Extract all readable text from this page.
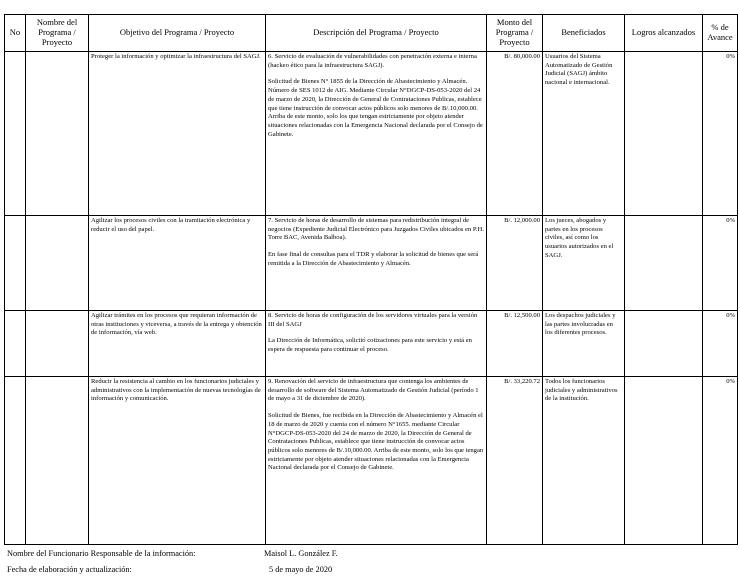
No	Nombre del Programa / Proyecto	Objetivo del Programa / Proyecto	Descripción del Programa / Proyecto	Monto del Programa / Proyecto	Beneficiados	Logros alcanzados	% de Avance
		Proteger la información y optimizar la infraestructura del SAGJ.	6. Servicio de evaluación de vulnerabilidades con penetración externa e interna (hackeo ético para la infraestructura SAGJ).
Solicitud de Bienes N° 1855 de la Dirección de Abastecimiento y Almacén. Número de SES 1012 de AIG. Mediante Circular N°DGCP-DS-053-2020 del 24 de marzo de 2020, la Dirección de General de Contrataciones Publicas, establece que tiene instrucción de convocar actos públicos solo menores de B/.10,000.00. Arriba de este monto, solo los que tengan estrictamente por objeto atender situaciones relacionadas con la Emergencia Nacional declarada por el Consejo de Gabinete.	B/. 80,000.00	Usuarios del Sistema Automatizado de Gestión Judicial (SAGJ) ámbito nacional e internacional.		0%
		Agilizar los procesos civiles con la tramitación electrónica y reducir el uso del papel.	7. Servicio de horas de desarrollo de sistemas para redistribución integral de negocios (Expediente Judicial Electrónico para Juzgados Civiles ubicados en P.H. Torre BAC, Avenida Balboa).
En fase final de consultas para el TDR y elaborar la solicitud de bienes que será remitida a la Dirección de Abastecimiento y Almacén.	B/. 12,000.00	Los jueces, abogados y partes en los procesos civiles, así como los usuarios autorizados en el SAGJ.		0%
		Agilizar trámites en los procesos que requieran información de otras instituciones y viceversa, a través de la entrega y obtención de información, vía web.	8. Servicio de horas de configuración de los servidores virtuales para la versión III del SAGJ
La Dirección de Informática, solicitó cotizaciones para este servicio y está en espera de respuesta para continuar el proceso.	B/. 12,500.00	Los despachos judiciales y las partes involucradas en los diferentes procesos.		0%
		Reducir la resistencia al cambio en los funcionarios judiciales y administrativos con la implementación de nuevas tecnologías de información y comunicación.	9. Renovación del servicio de infraestructura que contenga los ambientes de desarrollo de software del Sistema Automatizado de Gestión Judicial (período 1 de mayo a 31 de diciembre de 2020).
Solicitud de Bienes, fue recibida en la Dirección de Abastecimiento y Almacén el 18 de marzo de 2020 y cuenta con el número N°1655. mediante Circular N°DGCP-DS-053-2020 del 24 de marzo de 2020, la Dirección de General de Contrataciones Publicas, establece que tiene instrucción de convocar actos públicos solo menores de B/.10,000.00. Arriba de este monto, solo los que tengan estrictamente por objeto atender situaciones relacionadas con la Emergencia Nacional declarada por el Consejo de Gabinete.	B/. 33,220.72	Todos los funcionarios judiciales y administrativos de la institución.		0%
Nombre del Funcionario Responsable de la información:	Maisol L. González F.
Fecha de elaboración y actualización:	5 de mayo de 2020
